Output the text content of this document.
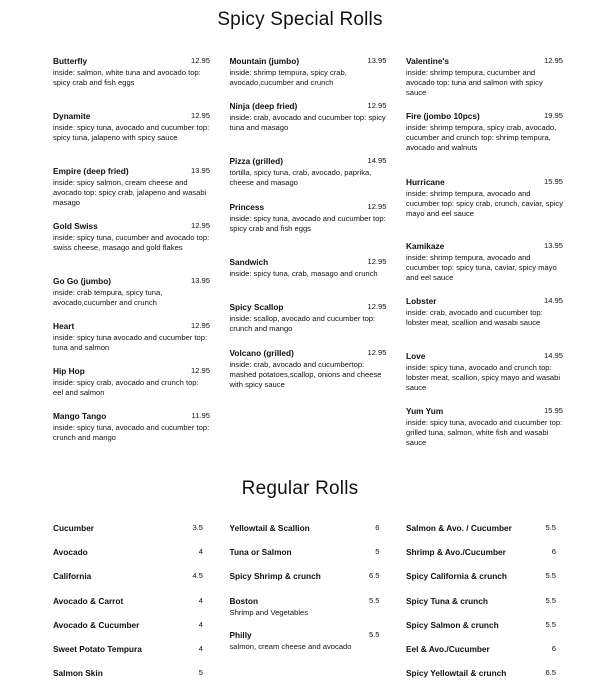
Spicy Special Rolls
Butterfly	12.95
inside: salmon, white tuna and avocado top: spicy crab and fish eggs
Dynamite	12.95
inside: spicy tuna, avocado and cucumber top: spicy tuna, jalapeno with spicy sauce
Empire (deep fried)	13.95
inside: spicy salmon, cream cheese and avocado top: spicy crab, jalapeno and wasabi masago
Gold Swiss	12.95
inside: spicy tuna, cucumber and avocado top: swiss cheese, masago and gold flakes
Go Go (jumbo)	13.95
inside: crab tempura, spicy tuna, avocado,cucumber and crunch
Heart	12.95
inside: spicy tuna avocado and cucumber top: tuna and salmon
Hip Hop	12.95
inside: spicy crab, avocado and crunch top: eel and salmon
Mango Tango	11.95
inside: spicy tuna, avocado and cucumber top: crunch and mango
Mountain (jumbo)	13.95
inside: shrimp tempura, spicy crab, avocado,cucumber and crunch
Ninja (deep fried)	12.95
inside: crab, avocado and cucumber top: spicy tuna and masago
Pizza (grilled)	14.95
tortilla, spicy tuna, crab, avocado, paprika, cheese and masago
Princess	12.95
inside: spicy tuna, avocado and cucumber top: spicy crab and fish eggs
Sandwich	12.95
inside: spicy tuna, crab, masago and crunch
Spicy Scallop	12.95
inside: scallop, avocado and cucumber top: crunch and mango
Volcano (grilled)	12.95
inside: crab, avocado and cucumbertop: mashed potatoes,scallop, onions and cheese with spicy sauce
Valentine's	12.95
inside: shrimp tempura, cucumber and avocado top: tuna and salmon with spicy sauce
Fire (jombo 10pcs)	19.95
inside: shrimp tempura, spicy crab, avocado, cucumber and crunch top: shrimp tempura, avocado and walnuts
Hurricane	15.95
inside: shrimp tempura, avocado and cucumber top: spicy crab, crunch, caviar, spicy mayo and eel sauce
Kamikaze	13.95
inside: shrimp tempura, avocado and cucumber top: spicy tuna, caviar, spicy mayo and eel sauce
Lobster	14.95
inside: crab, avocado and cucumber top: lobster meat, scallion and wasabi sauce
Love	14.95
inside: spicy tuna, avocado and crunch top: lobster meat, scallion, spicy mayo and wasabi sauce
Yum Yum	15.95
inside: spicy tuna, avocado and cucumber top: grilled tuna, salmon, white fish and wasabi sauce
Regular Rolls
Cucumber	3.5
Avocado	4
California	4.5
Avocado & Carrot	4
Avocado & Cucumber	4
Sweet Potato Tempura	4
Salmon Skin	5
Yellowtail & Scallion	6
Tuna or Salmon	5
Spicy Shrimp & crunch	6.5
Boston	5.5
Shrimp and Vegetables
Philly	5.5
salmon, cream cheese and avocado
Salmon & Avo. / Cucumber	5.5
Shrimp & Avo./Cucumber	6
Spicy California & crunch	5.5
Spicy Tuna & crunch	5.5
Spicy Salmon & crunch	5.5
Eel & Avo./Cucumber	6
Spicy Yellowtail & crunch	6.5
